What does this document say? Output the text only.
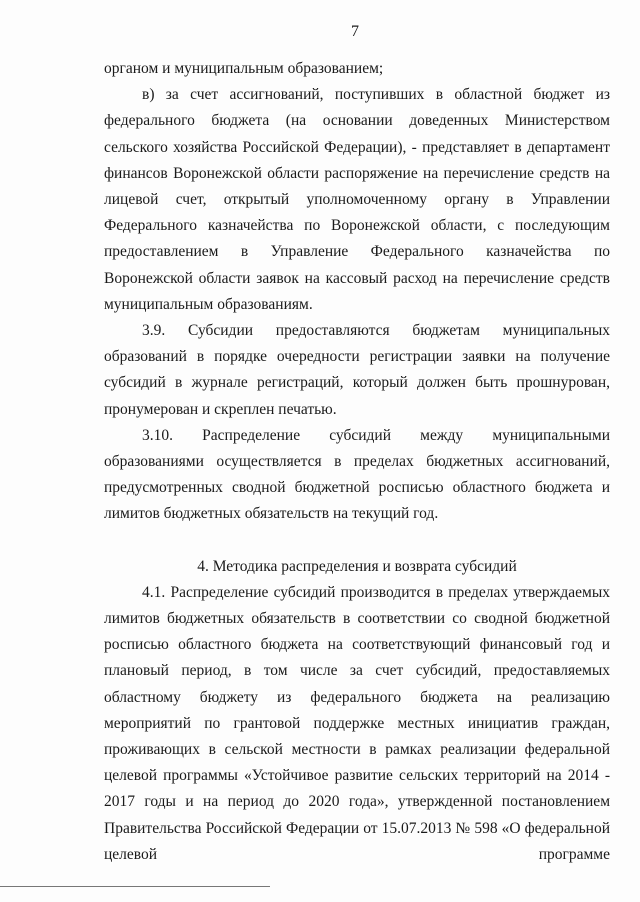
7

органом и муниципальным образованием;

в) за счет ассигнований, поступивших в областной бюджет из федерального бюджета (на основании доведенных Министерством сельского хозяйства Российской Федерации), - представляет в департамент финансов Воронежской области распоряжение на перечисление средств на лицевой счет, открытый уполномоченному органу в Управлении Федерального казначейства по Воронежской области, с последующим предоставлением в Управление Федерального казначейства по Воронежской области заявок на кассовый расход на перечисление средств муниципальным образованиям.

3.9. Субсидии предоставляются бюджетам муниципальных образований в порядке очередности регистрации заявки на получение субсидий в журнале регистраций, который должен быть прошнурован, пронумерован и скреплен печатью.

3.10. Распределение субсидий между муниципальными образованиями осуществляется в пределах бюджетных ассигнований, предусмотренных сводной бюджетной росписью областного бюджета и лимитов бюджетных обязательств на текущий год.

4. Методика распределения и возврата субсидий

4.1. Распределение субсидий производится в пределах утверждаемых лимитов бюджетных обязательств в соответствии со сводной бюджетной росписью областного бюджета на соответствующий финансовый год и плановый период, в том числе за счет субсидий, предоставляемых областному бюджету из федерального бюджета на реализацию мероприятий по грантовой поддержке местных инициатив граждан, проживающих в сельской местности в рамках реализации федеральной целевой программы «Устойчивое развитие сельских территорий на 2014 - 2017 годы и на период до 2020 года», утвержденной постановлением Правительства Российской Федерации от 15.07.2013 № 598 «О федеральной целевой программе
